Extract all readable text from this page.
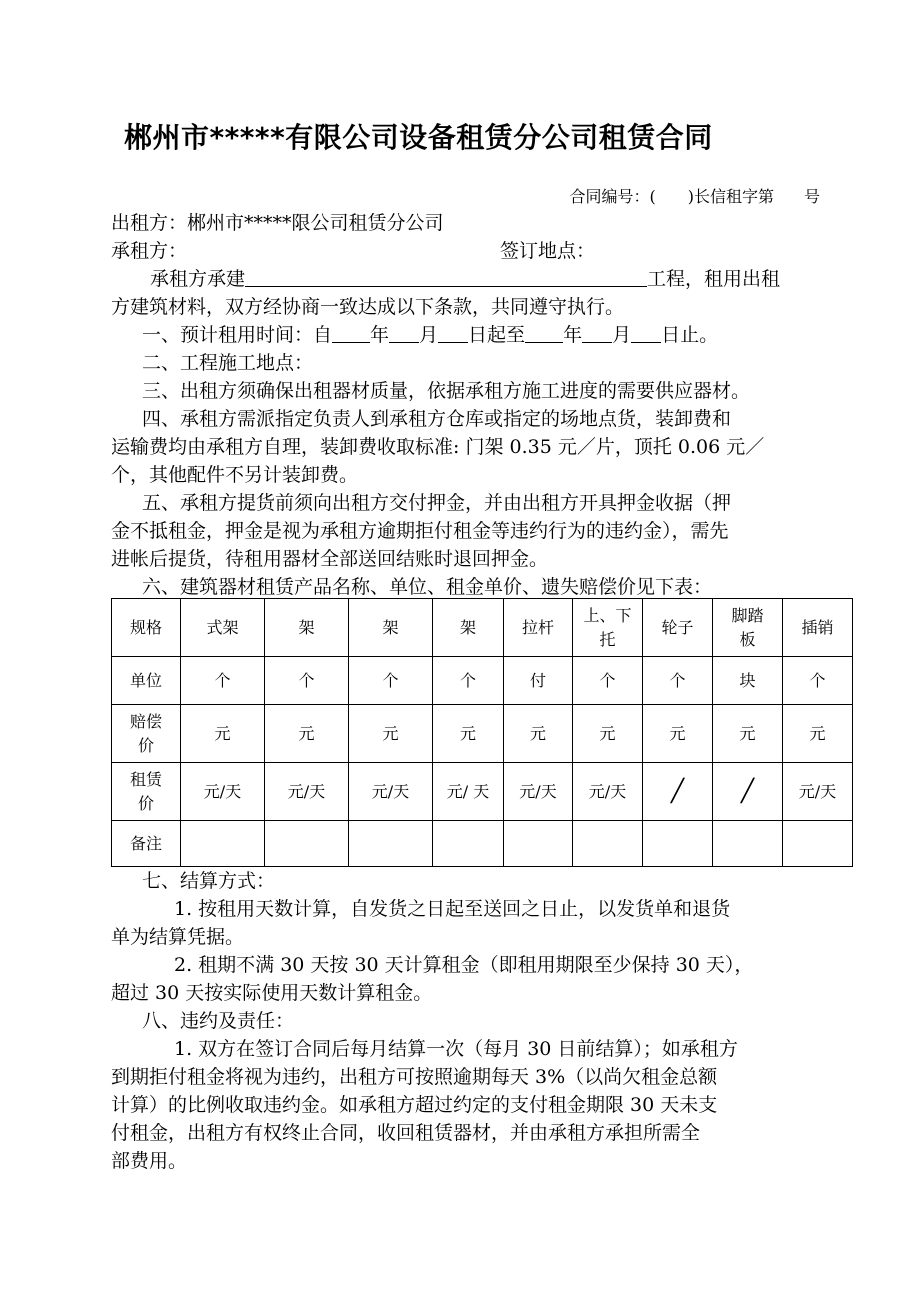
郴州市*****有限公司设备租赁分公司租赁合同
合同编号：(　　)长信租字第 号
出租方：郴州市*****限公司租赁分公司
承租方：	签订地点：
承租方承建	工程，租用出租
方建筑材料，双方经协商一致达成以下条款，共同遵守执行。
一、预计租用时间：自 年 月 日起至 年 月 日止。
二、工程施工地点：
三、出租方须确保出租器材质量，依据承租方施工进度的需要供应器材。
四、承租方需派指定负责人到承租方仓库或指定的场地点货，装卸费和
运输费均由承租方自理，装卸费收取标准: 门架 0.35 元／片，顶托 0.06 元／
个，其他配件不另计装卸费。
五、承租方提货前须向出租方交付押金，并由出租方开具押金收据（押
金不抵租金，押金是视为承租方逾期拒付租金等违约行为的违约金），需先
进帐后提货，待租用器材全部送回结账时退回押金。
六、建筑器材租赁产品名称、单位、租金单价、遗失赔偿价见下表：
规格	式架	架	架	架	拉杆	上、下托	轮子	脚踏板	插销
单位	个	个	个	个	付	个	个	块	个
赔偿价	元	元	元	元	元	元	元	元	元
租赁价	元/天	元/天	元/天	元/ 天	元/天	元/天	╱	╱	元/天
备注									
七、结算方式：
1. 按租用天数计算，自发货之日起至送回之日止，以发货单和退货
单为结算凭据。
2. 租期不满 30 天按 30 天计算租金（即租用期限至少保持 30 天），
超过 30 天按实际使用天数计算租金。
八、违约及责任：
1. 双方在签订合同后每月结算一次（每月 30 日前结算）；如承租方
到期拒付租金将视为违约，出租方可按照逾期每天 3%（以尚欠租金总额
计算）的比例收取违约金。如承租方超过约定的支付租金期限 30 天未支
付租金，出租方有权终止合同，收回租赁器材，并由承租方承担所需全
部费用。
